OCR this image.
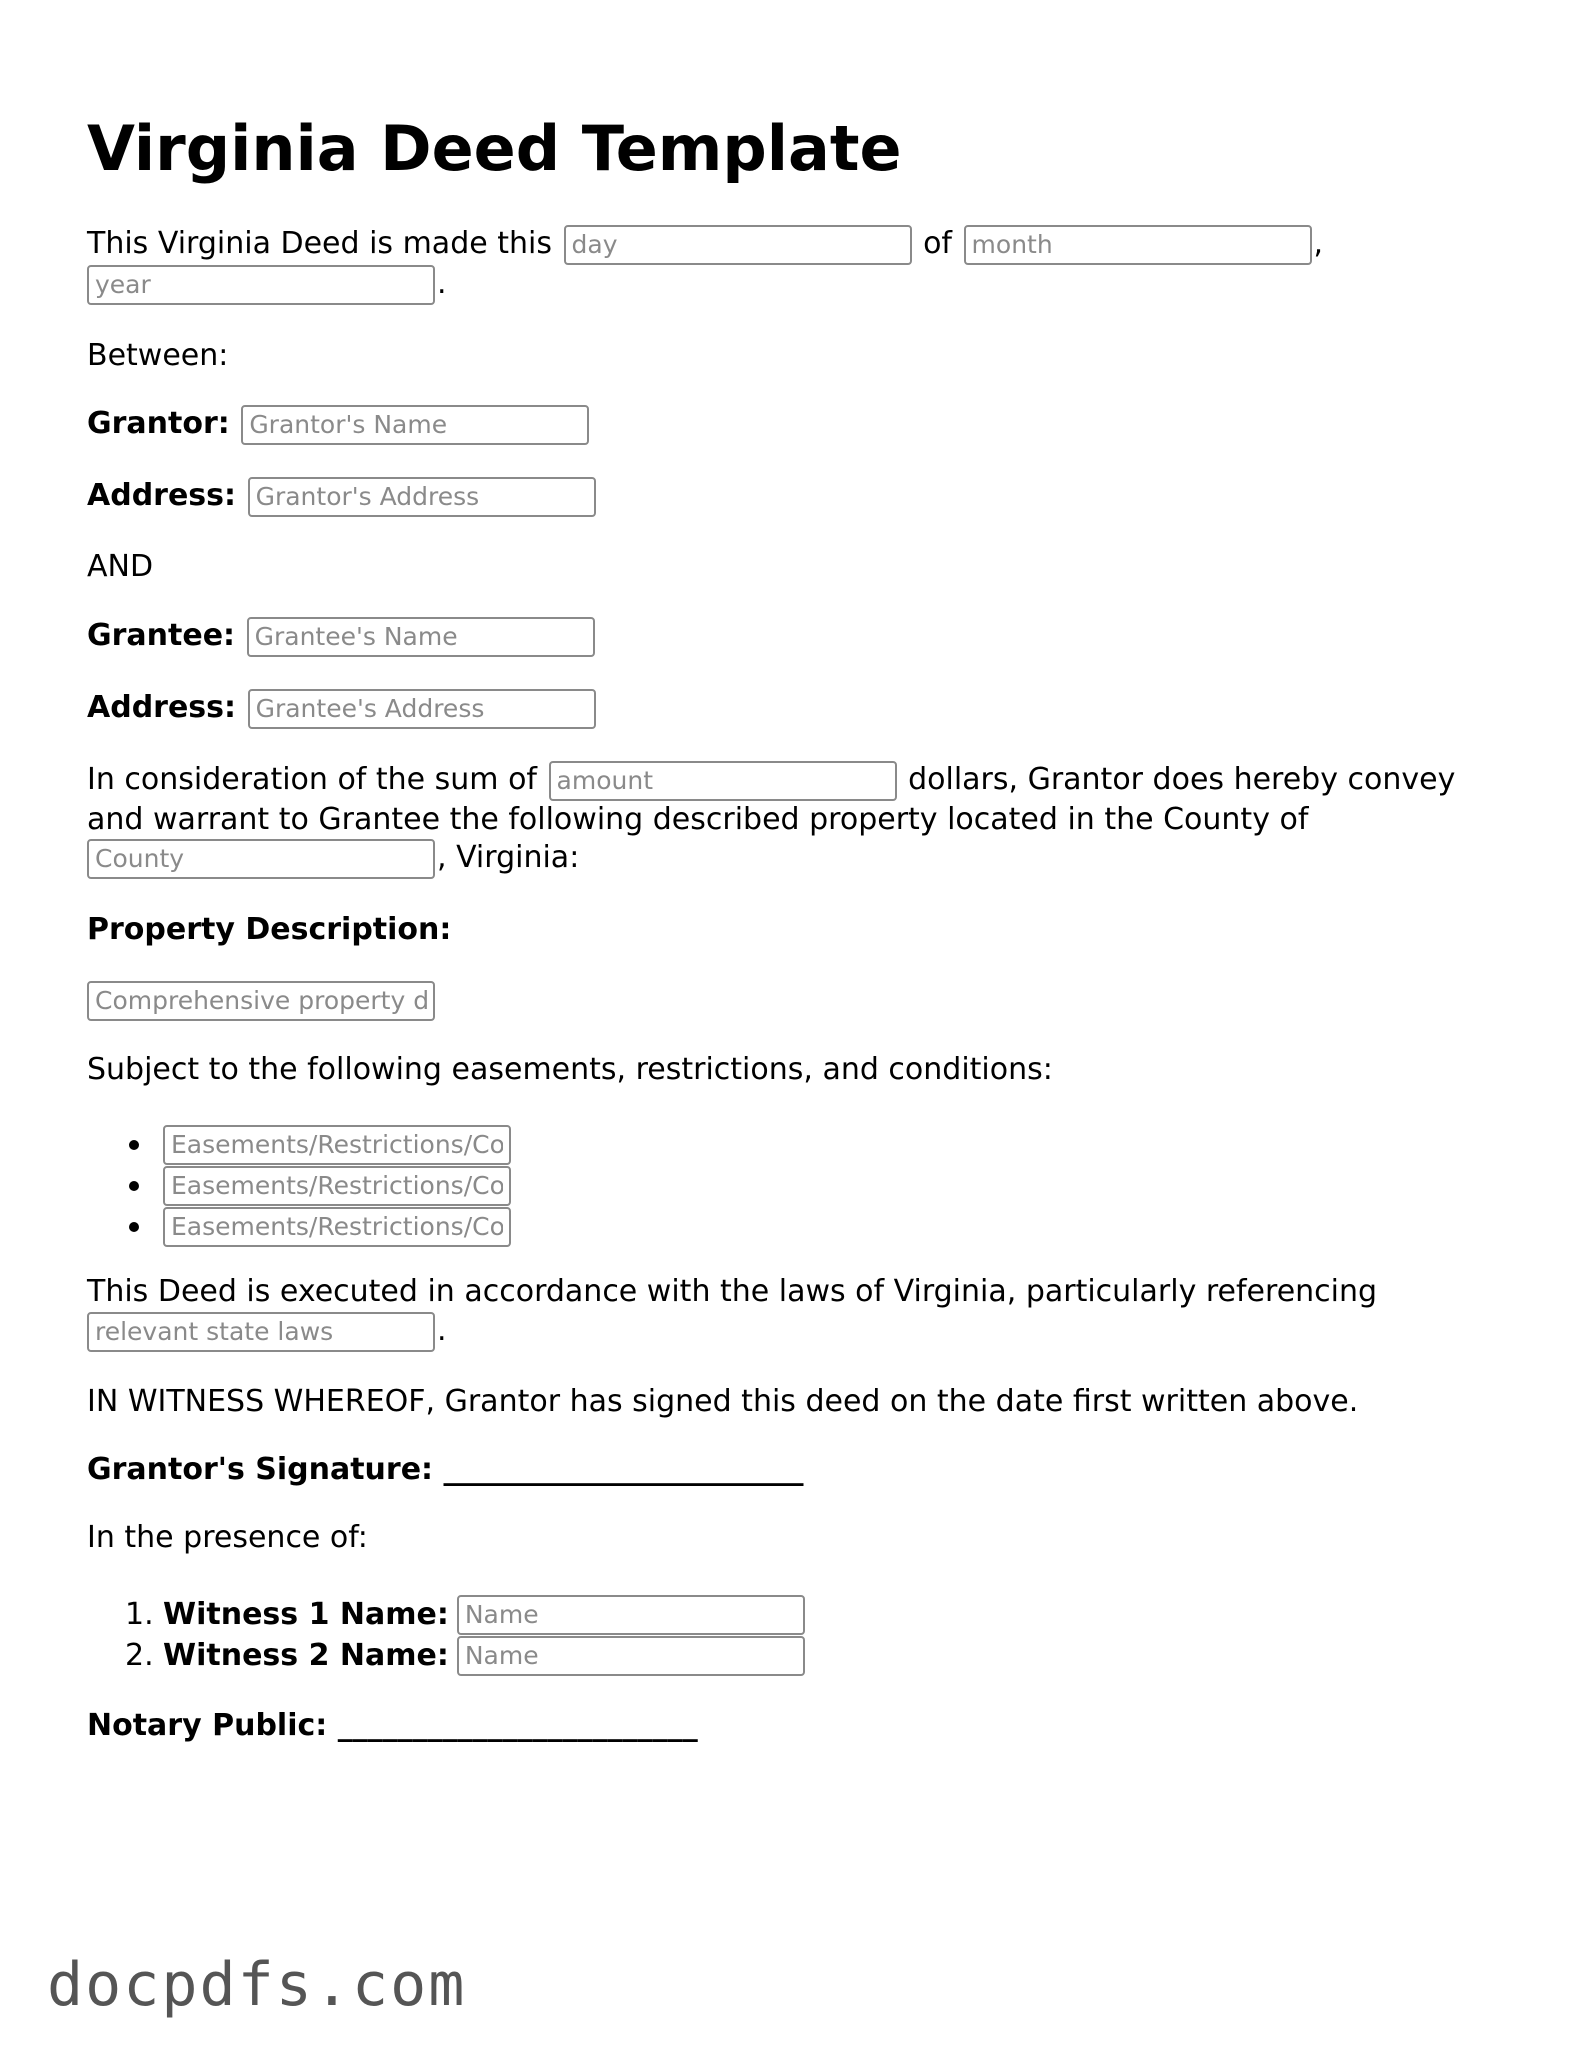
Virginia Deed Template
This Virginia Deed is made this day	of month	,
year.
Between:
Grantor: Grantor's Name
Address: Grantor's Address
AND
Grantee: Grantee's Name
Address: Grantee's Address
In consideration of the sum of amount	dollars, Grantor does hereby convey
and warrant to Grantee the following described property located in the County of
County, Virginia:
Property Description:
Comprehensive property description
Subject to the following easements, restrictions, and conditions:
Easements/Restrictions/Conditions
Easements/Restrictions/Conditions
Easements/Restrictions/Conditions
This Deed is executed in accordance with the laws of Virginia, particularly referencing
relevant state laws.
IN WITNESS WHEREOF, Grantor has signed this deed on the date first written above.
Grantor's Signature: ________________________
In the presence of:
1. Witness 1 Name:
Name
2. Witness 2 Name:
Name
Notary Public: ________________________
docpdfs.com
